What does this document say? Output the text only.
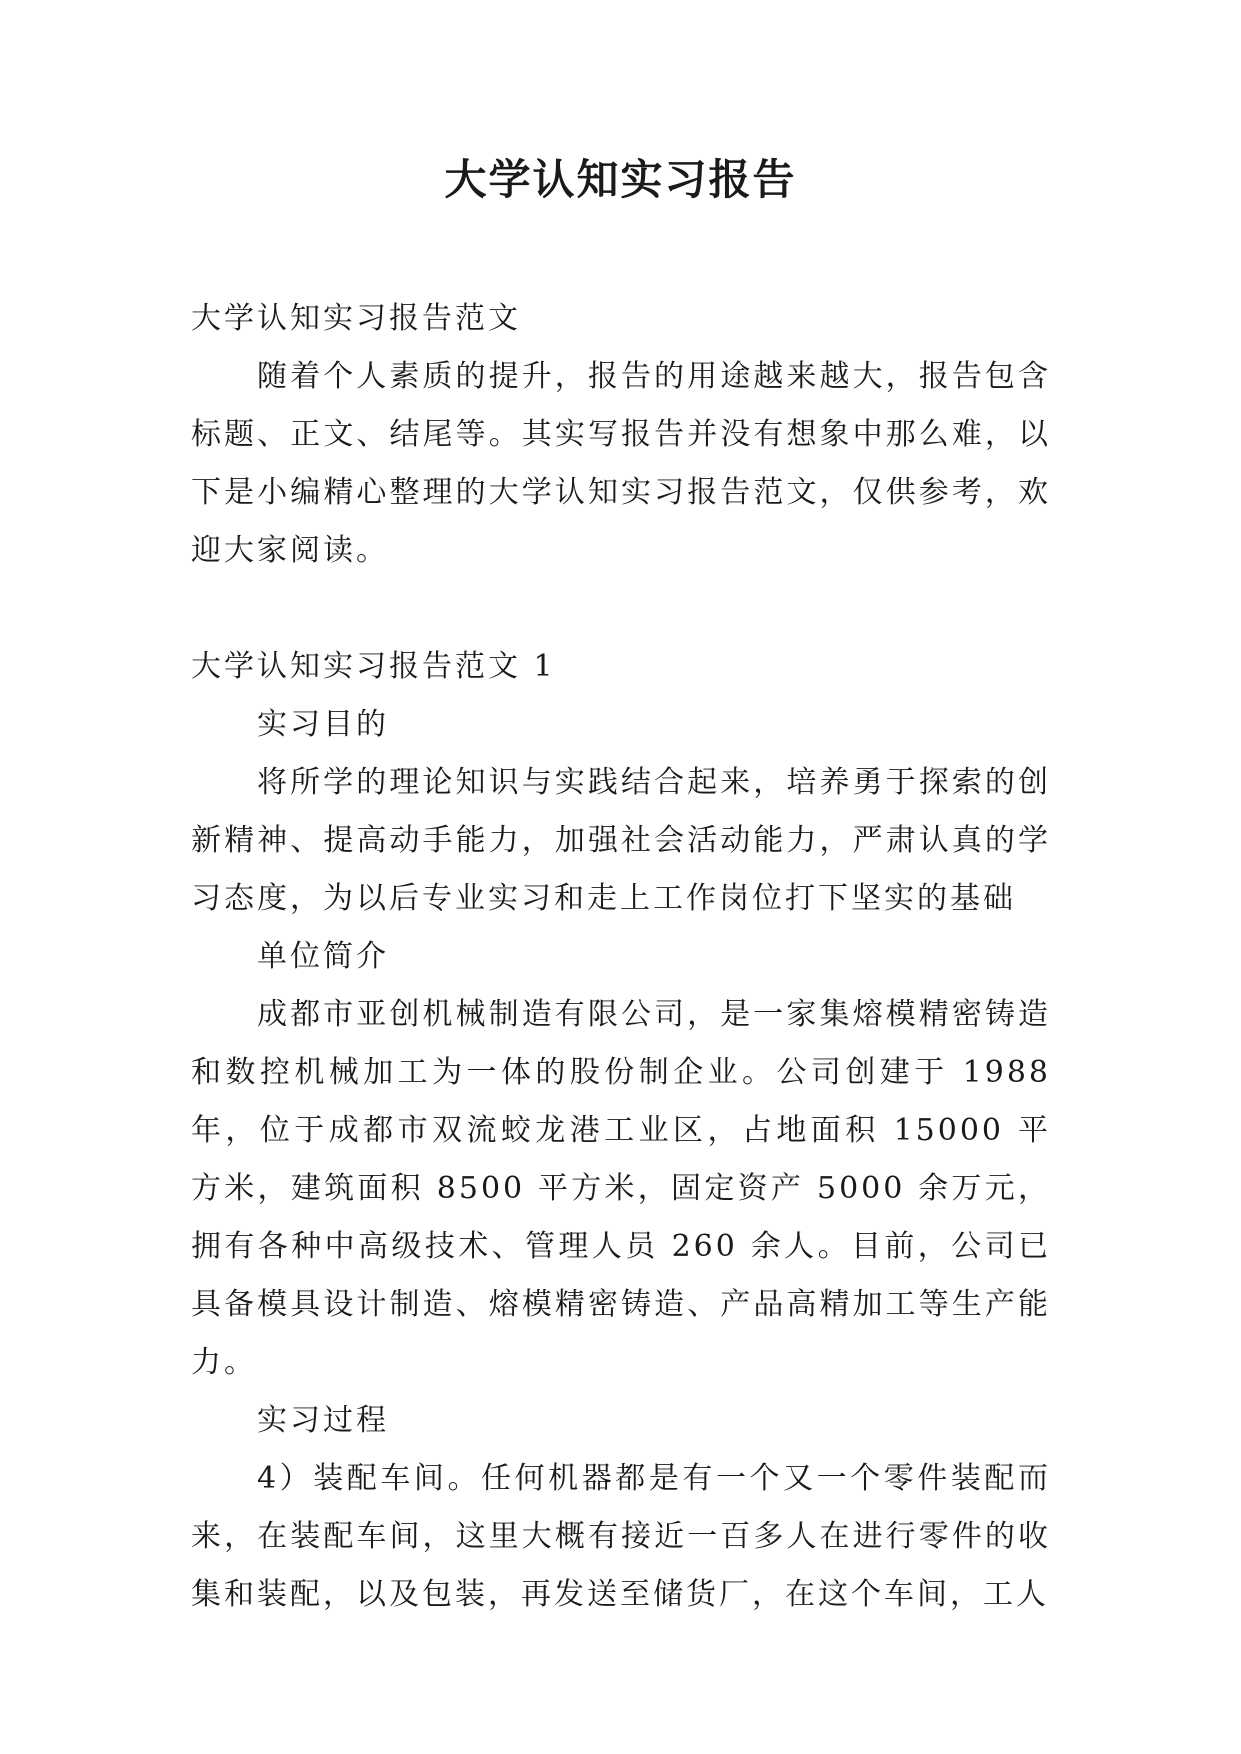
大学认知实习报告

大学认知实习报告范文

随着个人素质的提升，报告的用途越来越大，报告包含标题、正文、结尾等。其实写报告并没有想象中那么难，以下是小编精心整理的大学认知实习报告范文，仅供参考，欢迎大家阅读。

大学认知实习报告范文 1

实习目的

将所学的理论知识与实践结合起来，培养勇于探索的创新精神、提高动手能力，加强社会活动能力，严肃认真的学习态度，为以后专业实习和走上工作岗位打下坚实的基础

单位简介

成都市亚创机械制造有限公司，是一家集熔模精密铸造和数控机械加工为一体的股份制企业。公司创建于 1988 年，位于成都市双流蛟龙港工业区，占地面积 15000 平方米，建筑面积 8500 平方米，固定资产 5000 余万元，拥有各种中高级技术、管理人员 260 余人。目前，公司已具备模具设计制造、熔模精密铸造、产品高精加工等生产能力。

实习过程

4）装配车间。任何机器都是有一个又一个零件装配而来，在装配车间，这里大概有接近一百多人在进行零件的收集和装配，以及包装，再发送至储货厂，在这个车间，工人
